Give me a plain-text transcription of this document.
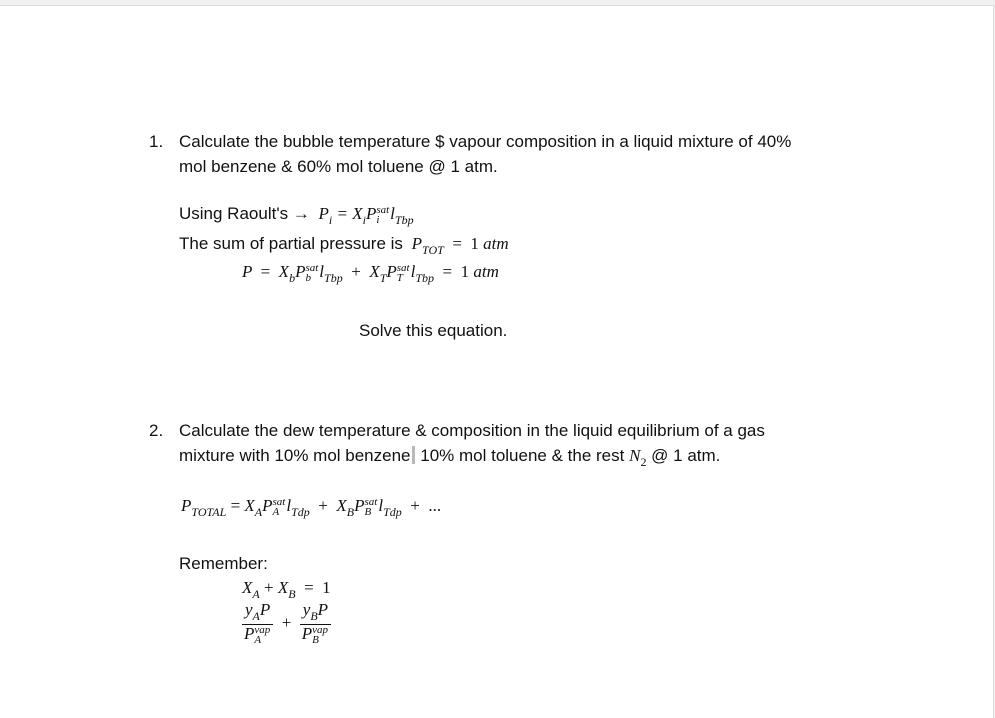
1. Calculate the bubble temperature $ vapour composition in a liquid mixture of 40%
mol benzene & 60% mol toluene @ 1 atm.
Using Raoult's →  $P_i = X_iP$ sat
i $l_{Tbp}$
The sum of partial pressure is  $P_{TOT} = 1$ atm
$P = X_bP$ sat
b $l_{Tbp} + X_TP$ sat
T $l_{Tbp} = 1$ atm
Solve this equation.
2. Calculate the dew temperature & composition in the liquid equilibrium of a gas
mixture with 10% mol benzene 10% mol toluene & the rest $N_2$ @ 1 atm.
$P_{TOTAL} = X_AP$ sat
A $l_{Tdp} + X_BP$ sat
B $l_{Tdp}$ + ...
Remember:
$X_A + X_B = 1$
$y_AP$
P vap
$A + y_BP$
P vap
B
